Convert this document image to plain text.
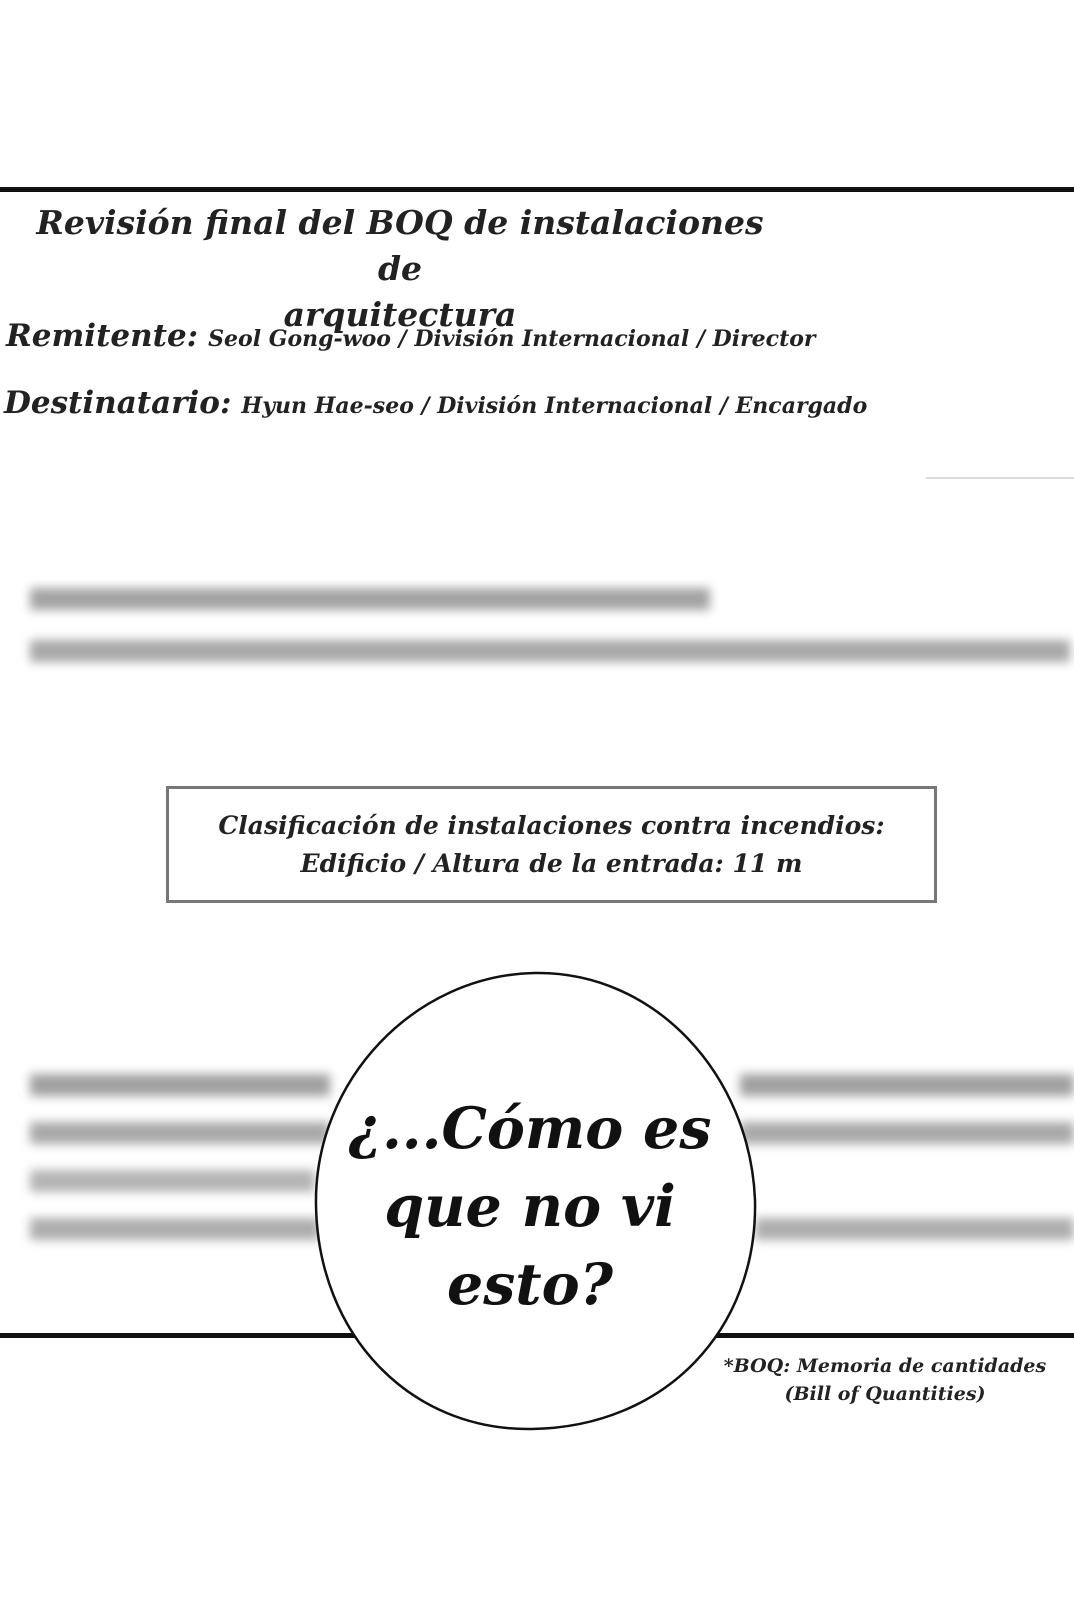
Revisión final del BOQ de instalaciones de
arquitectura
Remitente: Seol Gong-woo / División Internacional / Director
Destinatario: Hyun Hae-seo / División Internacional / Encargado
Clasificación de instalaciones contra incendios:
Edificio / Altura de la entrada: 11 m
¿...Cómo es
que no vi
esto?
*BOQ: Memoria de cantidades
(Bill of Quantities)
